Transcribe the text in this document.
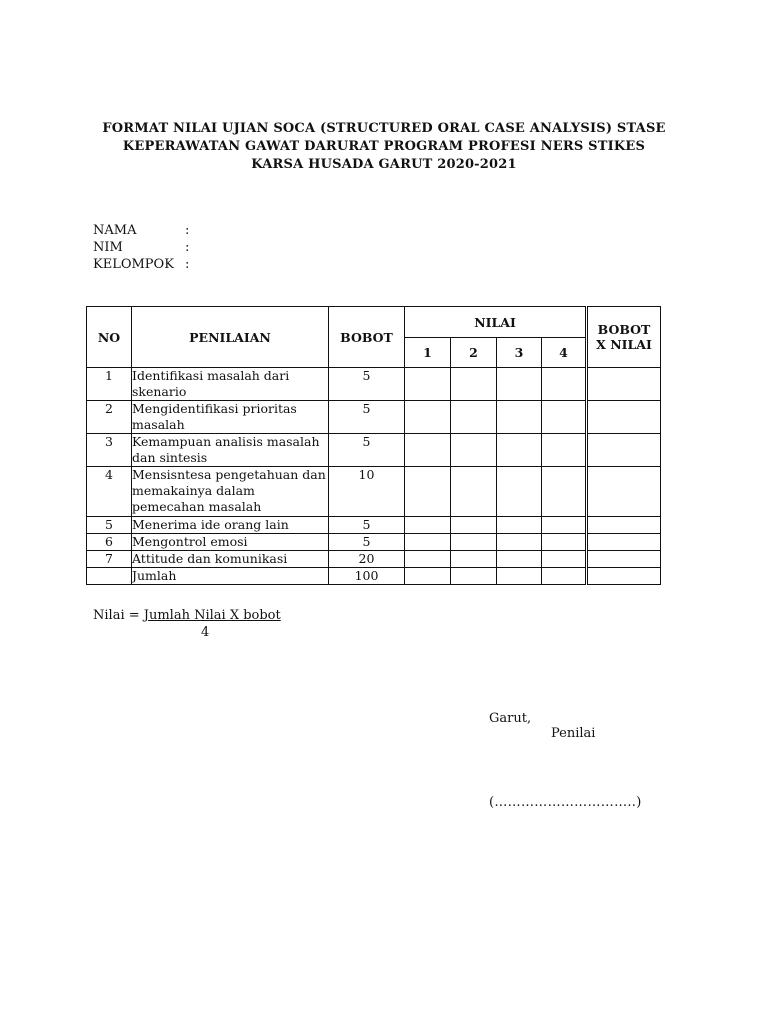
FORMAT NILAI UJIAN SOCA (STRUCTURED ORAL CASE ANALYSIS) STASE
KEPERAWATAN GAWAT DARURAT PROGRAM PROFESI NERS STIKES
KARSA HUSADA GARUT 2020-2021
NAMA	:
NIM	:
KELOMPOK :
NO	PENILAIAN	BOBOT	NILAI				BOBOT
X NILAI

			1	2	3	4	
1	Identifikasi masalah dari skenario	5					
2	Mengidentifikasi prioritas masalah	5					
3	Kemampuan analisis masalah dan sintesis	5					
4	Mensisntesa pengetahuan dan memakainya dalam pemecahan masalah	10					
5	Menerima ide orang lain	5					
6	Mengontrol emosi	5					
7	Attitude dan komunikasi	20					
	Jumlah	100					
Nilai = Jumlah Nilai X bobot
4
Garut,
Penilai
(…………………………..)
